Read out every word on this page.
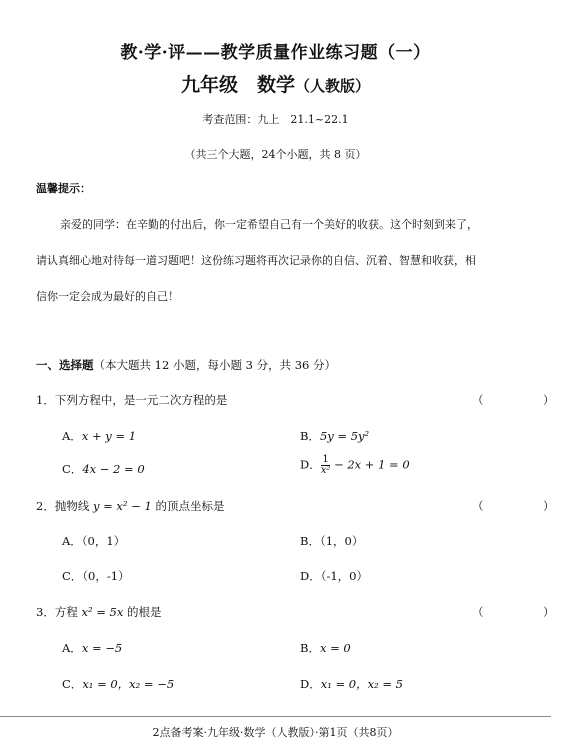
教·学·评——教学质量作业练习题（一）
九年级　数学（人教版）
考查范围：九上　21.1~22.1
（共三个大题，24个小题，共 8 页）
温馨提示：
亲爱的同学：在辛勤的付出后，你一定希望自己有一个美好的收获。这个时刻到来了，
请认真细心地对待每一道习题吧！这份练习题将再次记录你的自信、沉着、智慧和收获，相
信你一定会成为最好的自己！
一、选择题（本大题共 12 小题，每小题 3 分，共 36 分）
1．下列方程中，是一元二次方程的是	（　）
A．x + y = 1	B．5y = 5y²
C．4x − 2 = 0	D． $\frac{1}{\text{x²}} - 2x + 1 = 0$
2．抛物线 y = x² − 1 的顶点坐标是	（　）
A．（0，1）	B．（1，0）
C．（0，-1）	D．（-1，0）
3．方程 x² = 5x 的根是	（　）
A．x = −5	B．x = 0
C．x₁ = 0，x₂ = −5	D．x₁ = 0，x₂ = 5
2点备考案·九年级·数学（人教版）·第1页（共8页）
